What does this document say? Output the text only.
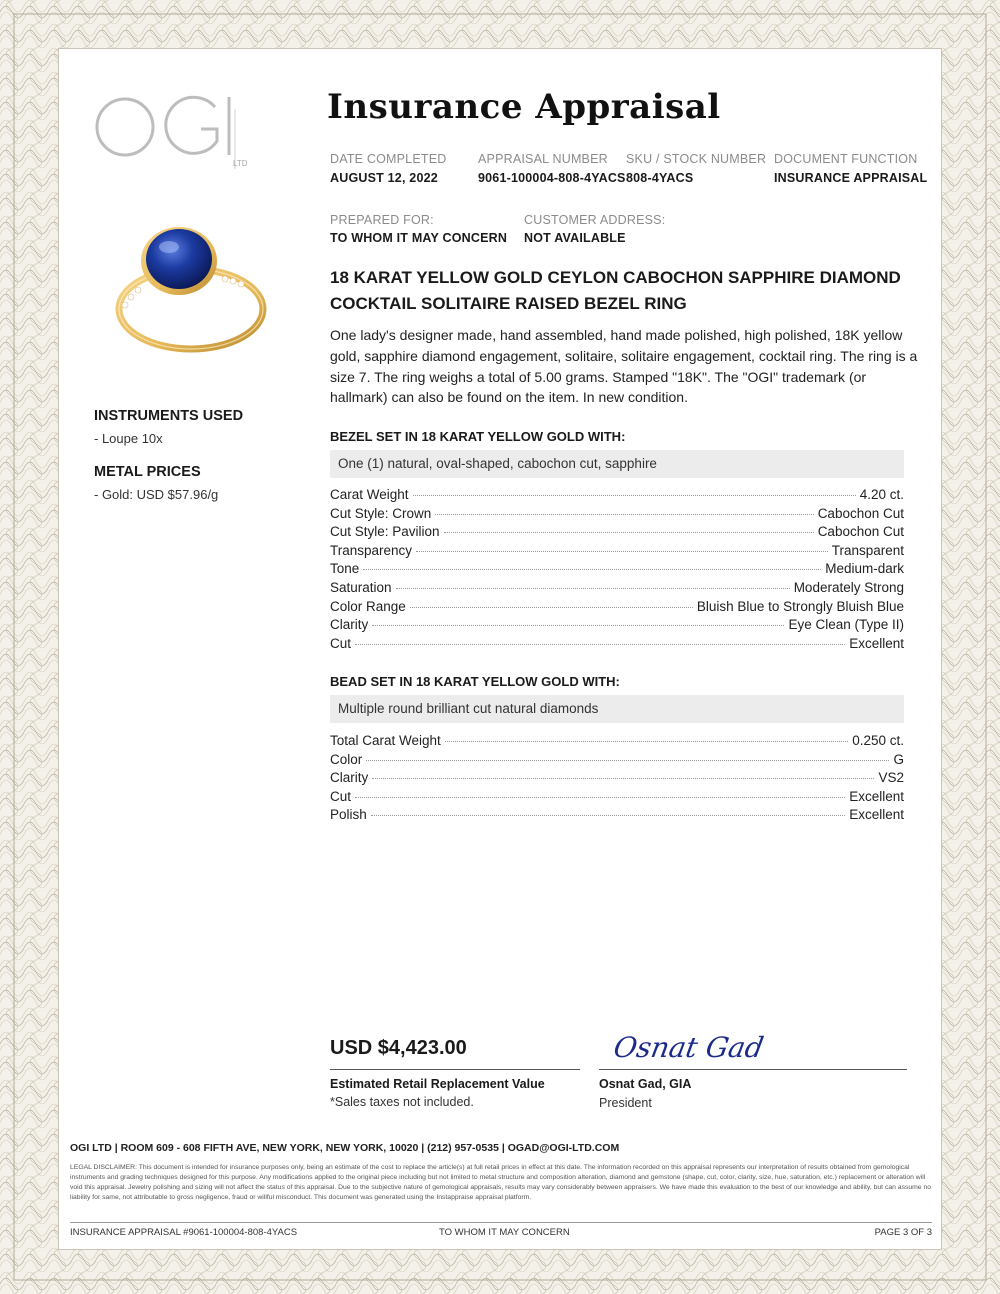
LTD
Insurance Appraisal
DATE COMPLETED
AUGUST 12, 2022
APPRAISAL NUMBER
9061-100004-808-4YACS
SKU / STOCK NUMBER
808-4YACS
DOCUMENT FUNCTION
INSURANCE APPRAISAL
PREPARED FOR:
TO WHOM IT MAY CONCERN
CUSTOMER ADDRESS:
NOT AVAILABLE
INSTRUMENTS USED
- Loupe 10x
METAL PRICES
- Gold: USD $57.96/g
18 KARAT YELLOW GOLD CEYLON CABOCHON SAPPHIRE DIAMOND COCKTAIL SOLITAIRE RAISED BEZEL RING
One lady's designer made, hand assembled, hand made polished, high polished, 18K yellow gold, sapphire diamond engagement, solitaire, solitaire engagement, cocktail ring. The ring is a size 7. The ring weighs a total of 5.00 grams. Stamped "18K". The "OGI" trademark (or hallmark) can also be found on the item. In new condition.
BEZEL SET IN 18 KARAT YELLOW GOLD WITH:
One (1) natural, oval-shaped, cabochon cut, sapphire
Carat Weight	4.20 ct.
Cut Style: Crown	Cabochon Cut
Cut Style: Pavilion	Cabochon Cut
Transparency	Transparent
Tone	Medium-dark
Saturation	Moderately Strong
Color Range	Bluish Blue to Strongly Bluish Blue
Clarity	Eye Clean (Type II)
Cut	Excellent
BEAD SET IN 18 KARAT YELLOW GOLD WITH:
Multiple round brilliant cut natural diamonds
Total Carat Weight	0.250 ct.
Color	G
Clarity	VS2
Cut	Excellent
Polish	Excellent
USD $4,423.00
Estimated Retail Replacement Value
*Sales taxes not included.
Osnat Gad
Osnat Gad, GIA
President
OGI LTD | ROOM 609 - 608 FIFTH AVE, NEW YORK, NEW YORK, 10020 | (212) 957-0535 | OGAD@OGI-LTD.COM
LEGAL DISCLAIMER: This document is intended for insurance purposes only, being an estimate of the cost to replace the article(s) at full retail prices in effect at this date. The information recorded on this appraisal represents our interpretation of results obtained from gemological instruments and grading techniques designed for this purpose. Any modifications applied to the original piece including but not limited to metal structure and composition alteration, diamond and gemstone (shape, cut, color, clarity, size, hue, saturation, etc.) replacement or alteration will void this appraisal. Jewelry polishing and sizing will not affect the status of this appraisal. Due to the subjective nature of gemological appraisals, results may vary considerably between appraisers. We have made this evaluation to the best of our knowledge and ability, but can assume no liability for same, not attributable to gross negligence, fraud or willful misconduct. This document was generated using the Instappraise appraisal platform.
INSURANCE APPRAISAL #9061-100004-808-4YACS	TO WHOM IT MAY CONCERN	PAGE 3 OF 3
